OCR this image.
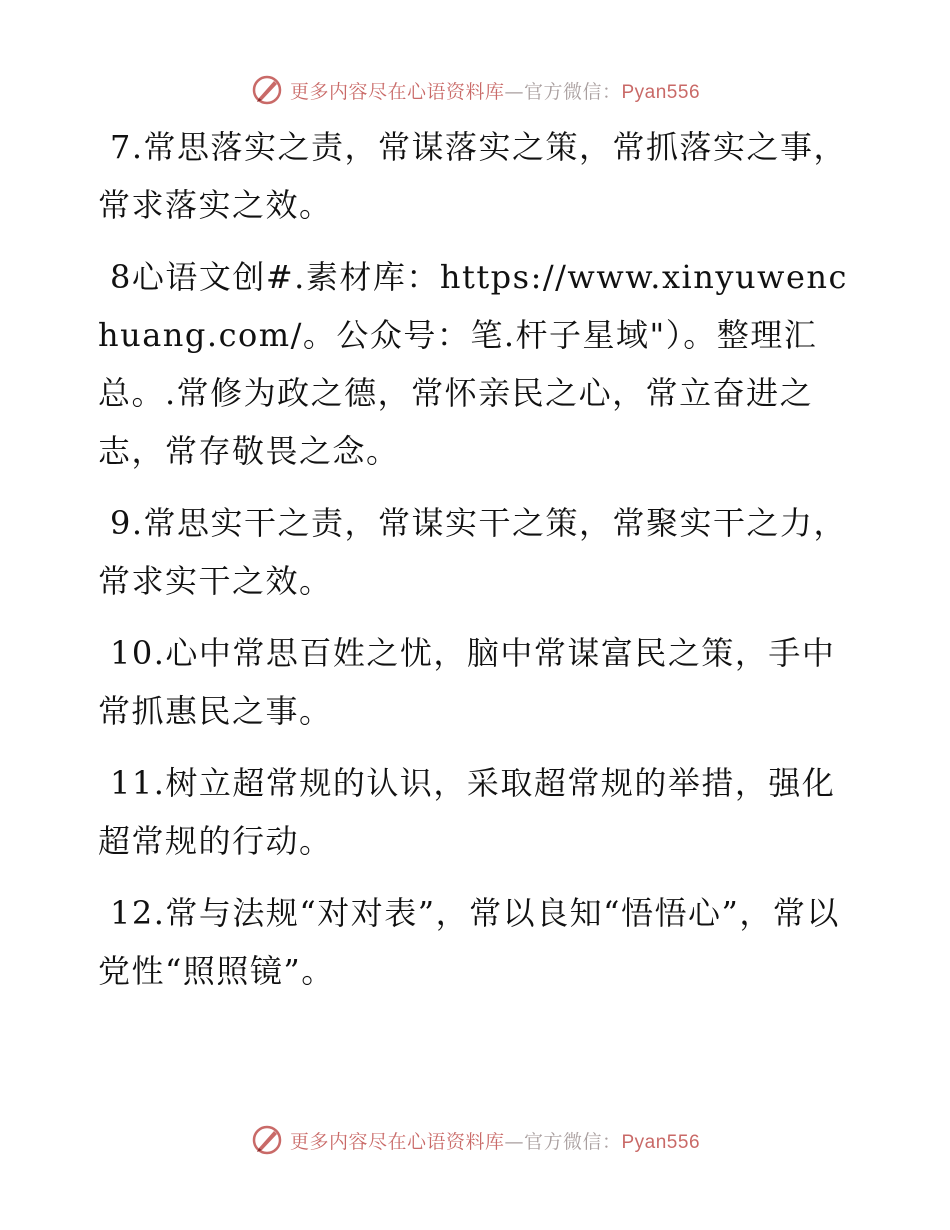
更多内容尽在心语资料库—官方微信：Pyan556

7.常思落实之责，常谋落实之策，常抓落实之事，常求落实之效。

8心语文创#.素材库：https://www.xinyuwenchuang.com/。公众号：笔.杆子星域"）。整理汇总。.常修为政之德，常怀亲民之心，常立奋进之志，常存敬畏之念。

9.常思实干之责，常谋实干之策，常聚实干之力，常求实干之效。

10.心中常思百姓之忧，脑中常谋富民之策，手中常抓惠民之事。

11.树立超常规的认识，采取超常规的举措，强化超常规的行动。

12.常与法规“对对表”，常以良知“悟悟心”，常以党性“照照镜”。

更多内容尽在心语资料库—官方微信：Pyan556
